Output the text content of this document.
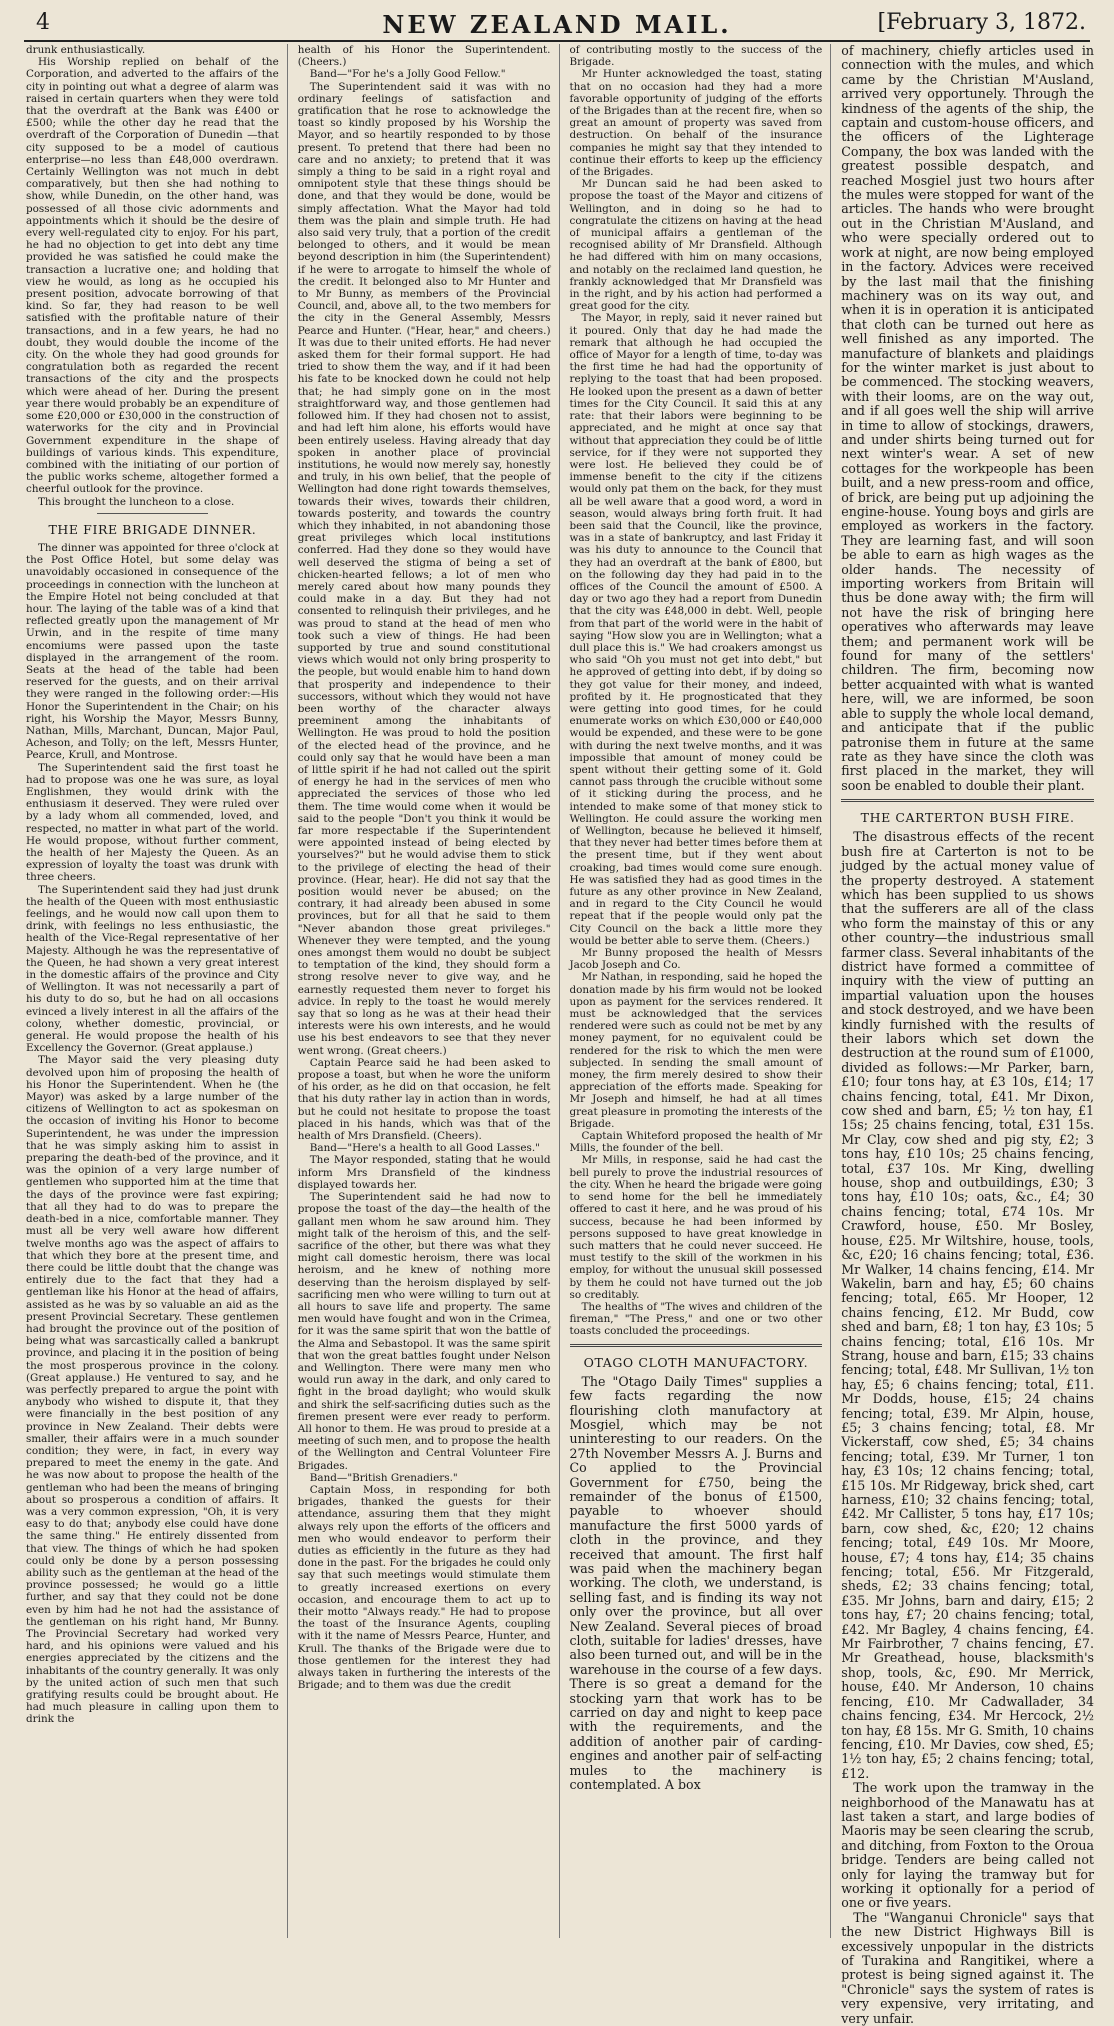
4	NEW ZEALAND MAIL.	[February 3, 1872.

drunk enthusiastically.

His Worship replied on behalf of the Corporation, and adverted to the affairs of the city in pointing out what a degree of alarm was raised in certain quarters when they were told that the overdraft at the Bank was £400 or £500; while the other day he read that the overdraft of the Corporation of Dunedin —that city supposed to be a model of cautious enterprise—no less than £48,000 overdrawn. Certainly Wellington was not much in debt comparatively, but then she had nothing to show, while Dunedin, on the other hand, was possessed of all those civic adornments and appointments which it should be the desire of every well-regulated city to enjoy. For his part, he had no objection to get into debt any time provided he was satisfied he could make the transaction a lucrative one; and holding that view he would, as long as he occupied his present position, advocate borrowing of that kind. So far, they had reason to be well satisfied with the profitable nature of their transactions, and in a few years, he had no doubt, they would double the income of the city. On the whole they had good grounds for congratulation both as regarded the recent transactions of the city and the prospects which were ahead of her. During the present year there would probably be an expenditure of some £20,000 or £30,000 in the construction of waterworks for the city and in Provincial Government expenditure in the shape of buildings of various kinds. This expenditure, combined with the initiating of our portion of the public works scheme, altogether formed a cheerful outlook for the province.

This brought the luncheon to a close.

THE FIRE BRIGADE DINNER.

The dinner was appointed for three o'clock at the Post Office Hotel, but some delay was unavoidably occasioned in consequence of the proceedings in connection with the luncheon at the Empire Hotel not being concluded at that hour. The laying of the table was of a kind that reflected greatly upon the management of Mr Urwin, and in the respite of time many encomiums were passed upon the taste displayed in the arrangement of the room. Seats at the head of the table had been reserved for the guests, and on their arrival they were ranged in the following order:—His Honor the Superintendent in the Chair; on his right, his Worship the Mayor, Messrs Bunny, Nathan, Mills, Marchant, Duncan, Major Paul, Acheson, and Tolly; on the left, Messrs Hunter, Pearce, Krull, and Montrose.

The Superintendent said the first toast he had to propose was one he was sure, as loyal Englishmen, they would drink with the enthusiasm it deserved. They were ruled over by a lady whom all commended, loved, and respected, no matter in what part of the world. He would propose, without further comment, the health of her Majesty the Queen. As an expression of loyalty the toast was drunk with three cheers.

The Superintendent said they had just drunk the health of the Queen with most enthusiastic feelings, and he would now call upon them to drink, with feelings no less enthusiastic, the health of the Vice-Regal representative of her Majesty. Although he was the representative of the Queen, he had shown a very great interest in the domestic affairs of the province and City of Wellington. It was not necessarily a part of his duty to do so, but he had on all occasions evinced a lively interest in all the affairs of the colony, whether domestic, provincial, or general. He would propose the health of his Excellency the Governor. (Great applause.)

The Mayor said the very pleasing duty devolved upon him of proposing the health of his Honor the Superintendent. When he (the Mayor) was asked by a large number of the citizens of Wellington to act as spokesman on the occasion of inviting his Honor to become Superintendent, he was under the impression that he was simply asking him to assist in preparing the death-bed of the province, and it was the opinion of a very large number of gentlemen who supported him at the time that the days of the province were fast expiring; that all they had to do was to prepare the death-bed in a nice, comfortable manner. They must all be very well aware how different twelve months ago was the aspect of affairs to that which they bore at the present time, and there could be little doubt that the change was entirely due to the fact that they had a gentleman like his Honor at the head of affairs, assisted as he was by so valuable an aid as the present Provincial Secretary. These gentlemen had brought the province out of the position of being what was sarcastically called a bankrupt province, and placing it in the position of being the most prosperous province in the colony. (Great applause.) He ventured to say, and he was perfectly prepared to argue the point with anybody who wished to dispute it, that they were financially in the best position of any province in New Zealand. Their debts were smaller, their affairs were in a much sounder condition; they were, in fact, in every way prepared to meet the enemy in the gate. And he was now about to propose the health of the gentleman who had been the means of bringing about so prosperous a condition of affairs. It was a very common expression, "Oh, it is very easy to do that; anybody else could have done the same thing." He entirely dissented from that view. The things of which he had spoken could only be done by a person possessing ability such as the gentleman at the head of the province possessed; he would go a little further, and say that they could not be done even by him had he not had the assistance of the gentleman on his right hand, Mr Bunny. The Provincial Secretary had worked very hard, and his opinions were valued and his energies appreciated by the citizens and the inhabitants of the country generally. It was only by the united action of such men that such gratifying results could be brought about. He had much pleasure in calling upon them to drink the

health of his Honor the Superintendent. (Cheers.)

Band—"For he's a Jolly Good Fellow."

The Superintendent said it was with no ordinary feelings of satisfaction and gratification that he rose to acknowledge the toast so kindly proposed by his Worship the Mayor, and so heartily responded to by those present. To pretend that there had been no care and no anxiety; to pretend that it was simply a thing to be said in a right royal and omnipotent style that these things should be done, and that they would be done, would be simply affectation. What the Mayor had told them was the plain and simple truth. He had also said very truly, that a portion of the credit belonged to others, and it would be mean beyond description in him (the Superintendent) if he were to arrogate to himself the whole of the credit. It belonged also to Mr Hunter and to Mr Bunny, as members of the Provincial Council, and, above all, to the two members for the city in the General Assembly, Messrs Pearce and Hunter. ("Hear, hear," and cheers.) It was due to their united efforts. He had never asked them for their formal support. He had tried to show them the way, and if it had been his fate to be knocked down he could not help that; he had simply gone on in the most straightforward way, and those gentlemen had followed him. If they had chosen not to assist, and had left him alone, his efforts would have been entirely useless. Having already that day spoken in another place of provincial institutions, he would now merely say, honestly and truly, in his own belief, that the people of Wellington had done right towards themselves, towards their wives, towards their children, towards posterity, and towards the country which they inhabited, in not abandoning those great privileges which local institutions conferred. Had they done so they would have well deserved the stigma of being a set of chicken-hearted fellows; a lot of men who merely cared about how many pounds they could make in a day. But they had not consented to relinquish their privileges, and he was proud to stand at the head of men who took such a view of things. He had been supported by true and sound constitutional views which would not only bring prosperity to the people, but would enable him to hand down that prosperity and independence to their successors, without which they would not have been worthy of the character always preeminent among the inhabitants of Wellington. He was proud to hold the position of the elected head of the province, and he could only say that he would have been a man of little spirit if he had not called out the spirit of energy he had in the services of men who appreciated the services of those who led them. The time would come when it would be said to the people "Don't you think it would be far more respectable if the Superintendent were appointed instead of being elected by yourselves?" but he would advise them to stick to the privilege of electing the head of their province. (Hear, hear). He did not say that the position would never be abused; on the contrary, it had already been abused in some provinces, but for all that he said to them "Never abandon those great privileges." Whenever they were tempted, and the young ones amongst them would no doubt be subject to temptation of the kind, they should form a strong resolve never to give way, and he earnestly requested them never to forget his advice. In reply to the toast he would merely say that so long as he was at their head their interests were his own interests, and he would use his best endeavors to see that they never went wrong. (Great cheers.)

Captain Pearce said he had been asked to propose a toast, but when he wore the uniform of his order, as he did on that occasion, he felt that his duty rather lay in action than in words, but he could not hesitate to propose the toast placed in his hands, which was that of the health of Mrs Dransfield. (Cheers).

Band—"Here's a health to all Good Lasses."

The Mayor responded, stating that he would inform Mrs Dransfield of the kindness displayed towards her.

The Superintendent said he had now to propose the toast of the day—the health of the gallant men whom he saw around him. They might talk of the heroism of this, and the self-sacrifice of the other, but there was what they might call domestic heroism, there was local heroism, and he knew of nothing more deserving than the heroism displayed by self-sacrificing men who were willing to turn out at all hours to save life and property. The same men would have fought and won in the Crimea, for it was the same spirit that won the battle of the Alma and Sebastopol. It was the same spirit that won the great battles fought under Nelson and Wellington. There were many men who would run away in the dark, and only cared to fight in the broad daylight; who would skulk and shirk the self-sacrificing duties such as the firemen present were ever ready to perform. All honor to them. He was proud to preside at a meeting of such men, and to propose the health of the Wellington and Central Volunteer Fire Brigades.

Band—"British Grenadiers."

Captain Moss, in responding for both brigades, thanked the guests for their attendance, assuring them that they might always rely upon the efforts of the officers and men who would endeavor to perform their duties as efficiently in the future as they had done in the past. For the brigades he could only say that such meetings would stimulate them to greatly increased exertions on every occasion, and encourage them to act up to their motto "Always ready." He had to propose the toast of the Insurance Agents, coupling with it the name of Messrs Pearce, Hunter, and Krull. The thanks of the Brigade were due to those gentlemen for the interest they had always taken in furthering the interests of the Brigade; and to them was due the credit

of contributing mostly to the success of the Brigade.

Mr Hunter acknowledged the toast, stating that on no occasion had they had a more favorable opportunity of judging of the efforts of the Brigades than at the recent fire, when so great an amount of property was saved from destruction. On behalf of the insurance companies he might say that they intended to continue their efforts to keep up the efficiency of the Brigades.

Mr Duncan said he had been asked to propose the toast of the Mayor and citizens of Wellington, and in doing so he had to congratulate the citizens on having at the head of municipal affairs a gentleman of the recognised ability of Mr Dransfield. Although he had differed with him on many occasions, and notably on the reclaimed land question, he frankly acknowledged that Mr Dransfield was in the right, and by his action had performed a great good for the city.

The Mayor, in reply, said it never rained but it poured. Only that day he had made the remark that although he had occupied the office of Mayor for a length of time, to-day was the first time he had had the opportunity of replying to the toast that had been proposed. He looked upon the present as a dawn of better times for the City Council. It said this at any rate: that their labors were beginning to be appreciated, and he might at once say that without that appreciation they could be of little service, for if they were not supported they were lost. He believed they could be of immense benefit to the city if the citizens would only pat them on the back, for they must all be well aware that a good word, a word in season, would always bring forth fruit. It had been said that the Council, like the province, was in a state of bankruptcy, and last Friday it was his duty to announce to the Council that they had an overdraft at the bank of £800, but on the following day they had paid in to the offices of the Council the amount of £500. A day or two ago they had a report from Dunedin that the city was £48,000 in debt. Well, people from that part of the world were in the habit of saying "How slow you are in Wellington; what a dull place this is." We had croakers amongst us who said "Oh you must not get into debt," but he approved of getting into debt, if by doing so they got value for their money, and indeed, profited by it. He prognosticated that they were getting into good times, for he could enumerate works on which £30,000 or £40,000 would be expended, and these were to be gone with during the next twelve months, and it was impossible that amount of money could be spent without their getting some of it. Gold cannot pass through the crucible without some of it sticking during the process, and he intended to make some of that money stick to Wellington. He could assure the working men of Wellington, because he believed it himself, that they never had better times before them at the present time, but if they went about croaking, bad times would come sure enough. He was satisfied they had as good times in the future as any other province in New Zealand, and in regard to the City Council he would repeat that if the people would only pat the City Council on the back a little more they would be better able to serve them. (Cheers.)

Mr Bunny proposed the health of Messrs Jacob Joseph and Co.

Mr Nathan, in responding, said he hoped the donation made by his firm would not be looked upon as payment for the services rendered. It must be acknowledged that the services rendered were such as could not be met by any money payment, for no equivalent could be rendered for the risk to which the men were subjected. In sending the small amount of money, the firm merely desired to show their appreciation of the efforts made. Speaking for Mr Joseph and himself, he had at all times great pleasure in promoting the interests of the Brigade.

Captain Whiteford proposed the health of Mr Mills, the founder of the bell.

Mr Mills, in response, said he had cast the bell purely to prove the industrial resources of the city. When he heard the brigade were going to send home for the bell he immediately offered to cast it here, and he was proud of his success, because he had been informed by persons supposed to have great knowledge in such matters that he could never succeed. He must testify to the skill of the workmen in his employ, for without the unusual skill possessed by them he could not have turned out the job so creditably.

The healths of "The wives and children of the fireman," "The Press," and one or two other toasts concluded the proceedings.

OTAGO CLOTH MANUFACTORY.

The "Otago Daily Times" supplies a few facts regarding the now flourishing cloth manufactory at Mosgiel, which may be not uninteresting to our readers. On the 27th November Messrs A. J. Burns and Co applied to the Provincial Government for £750, being the remainder of the bonus of £1500, payable to whoever should manufacture the first 5000 yards of cloth in the province, and they received that amount. The first half was paid when the machinery began working. The cloth, we understand, is selling fast, and is finding its way not only over the province, but all over New Zealand. Several pieces of broad cloth, suitable for ladies' dresses, have also been turned out, and will be in the warehouse in the course of a few days. There is so great a demand for the stocking yarn that work has to be carried on day and night to keep pace with the requirements, and the addition of another pair of carding-engines and another pair of self-acting mules to the machinery is contemplated. A box

of machinery, chiefly articles used in connection with the mules, and which came by the Christian M'Ausland, arrived very opportunely. Through the kindness of the agents of the ship, the captain and custom-house officers, and the officers of the Lighterage Company, the box was landed with the greatest possible despatch, and reached Mosgiel just two hours after the mules were stopped for want of the articles. The hands who were brought out in the Christian M'Ausland, and who were specially ordered out to work at night, are now being employed in the factory. Advices were received by the last mail that the finishing machinery was on its way out, and when it is in operation it is anticipated that cloth can be turned out here as well finished as any imported. The manufacture of blankets and plaidings for the winter market is just about to be commenced. The stocking weavers, with their looms, are on the way out, and if all goes well the ship will arrive in time to allow of stockings, drawers, and under shirts being turned out for next winter's wear. A set of new cottages for the workpeople has been built, and a new press-room and office, of brick, are being put up adjoining the engine-house. Young boys and girls are employed as workers in the factory. They are learning fast, and will soon be able to earn as high wages as the older hands. The necessity of importing workers from Britain will thus be done away with; the firm will not have the risk of bringing here operatives who afterwards may leave them; and permanent work will be found for many of the settlers' children. The firm, becoming now better acquainted with what is wanted here, will, we are informed, be soon able to supply the whole local demand, and anticipate that if the public patronise them in future at the same rate as they have since the cloth was first placed in the market, they will soon be enabled to double their plant.

THE CARTERTON BUSH FIRE.

The disastrous effects of the recent bush fire at Carterton is not to be judged by the actual money value of the property destroyed. A statement which has been supplied to us shows that the sufferers are all of the class who form the mainstay of this or any other country—the industrious small farmer class. Several inhabitants of the district have formed a committee of inquiry with the view of putting an impartial valuation upon the houses and stock destroyed, and we have been kindly furnished with the results of their labors which set down the destruction at the round sum of £1000, divided as follows:—Mr Parker, barn, £10; four tons hay, at £3 10s, £14; 17 chains fencing, total, £41. Mr Dixon, cow shed and barn, £5; ½ ton hay, £1 15s; 25 chains fencing, total, £31 15s. Mr Clay, cow shed and pig sty, £2; 3 tons hay, £10 10s; 25 chains fencing, total, £37 10s. Mr King, dwelling house, shop and outbuildings, £30; 3 tons hay, £10 10s; oats, &c., £4; 30 chains fencing; total, £74 10s. Mr Crawford, house, £50. Mr Bosley, house, £25. Mr Wiltshire, house, tools, &c, £20; 16 chains fencing; total, £36. Mr Walker, 14 chains fencing, £14. Mr Wakelin, barn and hay, £5; 60 chains fencing; total, £65. Mr Hooper, 12 chains fencing, £12. Mr Budd, cow shed and barn, £8; 1 ton hay, £3 10s; 5 chains fencing; total, £16 10s. Mr Strang, house and barn, £15; 33 chains fencing; total, £48. Mr Sullivan, 1½ ton hay, £5; 6 chains fencing; total, £11. Mr Dodds, house, £15; 24 chains fencing; total, £39. Mr Alpin, house, £5; 3 chains fencing; total, £8. Mr Vickerstaff, cow shed, £5; 34 chains fencing; total, £39. Mr Turner, 1 ton hay, £3 10s; 12 chains fencing; total, £15 10s. Mr Ridgeway, brick shed, cart harness, £10; 32 chains fencing; total, £42. Mr Callister, 5 tons hay, £17 10s; barn, cow shed, &c, £20; 12 chains fencing; total, £49 10s. Mr Moore, house, £7; 4 tons hay, £14; 35 chains fencing; total, £56. Mr Fitzgerald, sheds, £2; 33 chains fencing; total, £35. Mr Johns, barn and dairy, £15; 2 tons hay, £7; 20 chains fencing; total, £42. Mr Bagley, 4 chains fencing, £4. Mr Fairbrother, 7 chains fencing, £7. Mr Greathead, house, blacksmith's shop, tools, &c, £90. Mr Merrick, house, £40. Mr Anderson, 10 chains fencing, £10. Mr Cadwallader, 34 chains fencing, £34. Mr Hercock, 2½ ton hay, £8 15s. Mr G. Smith, 10 chains fencing, £10. Mr Davies, cow shed, £5; 1½ ton hay, £5; 2 chains fencing; total, £12.

The work upon the tramway in the neighborhood of the Manawatu has at last taken a start, and large bodies of Maoris may be seen clearing the scrub, and ditching, from Foxton to the Oroua bridge. Tenders are being called not only for laying the tramway but for working it optionally for a period of one or five years.

The "Wanganui Chronicle" says that the new District Highways Bill is excessively unpopular in the districts of Turakina and Rangitikei, where a protest is being signed against it. The "Chronicle" says the system of rates is very expensive, very irritating, and very unfair.
